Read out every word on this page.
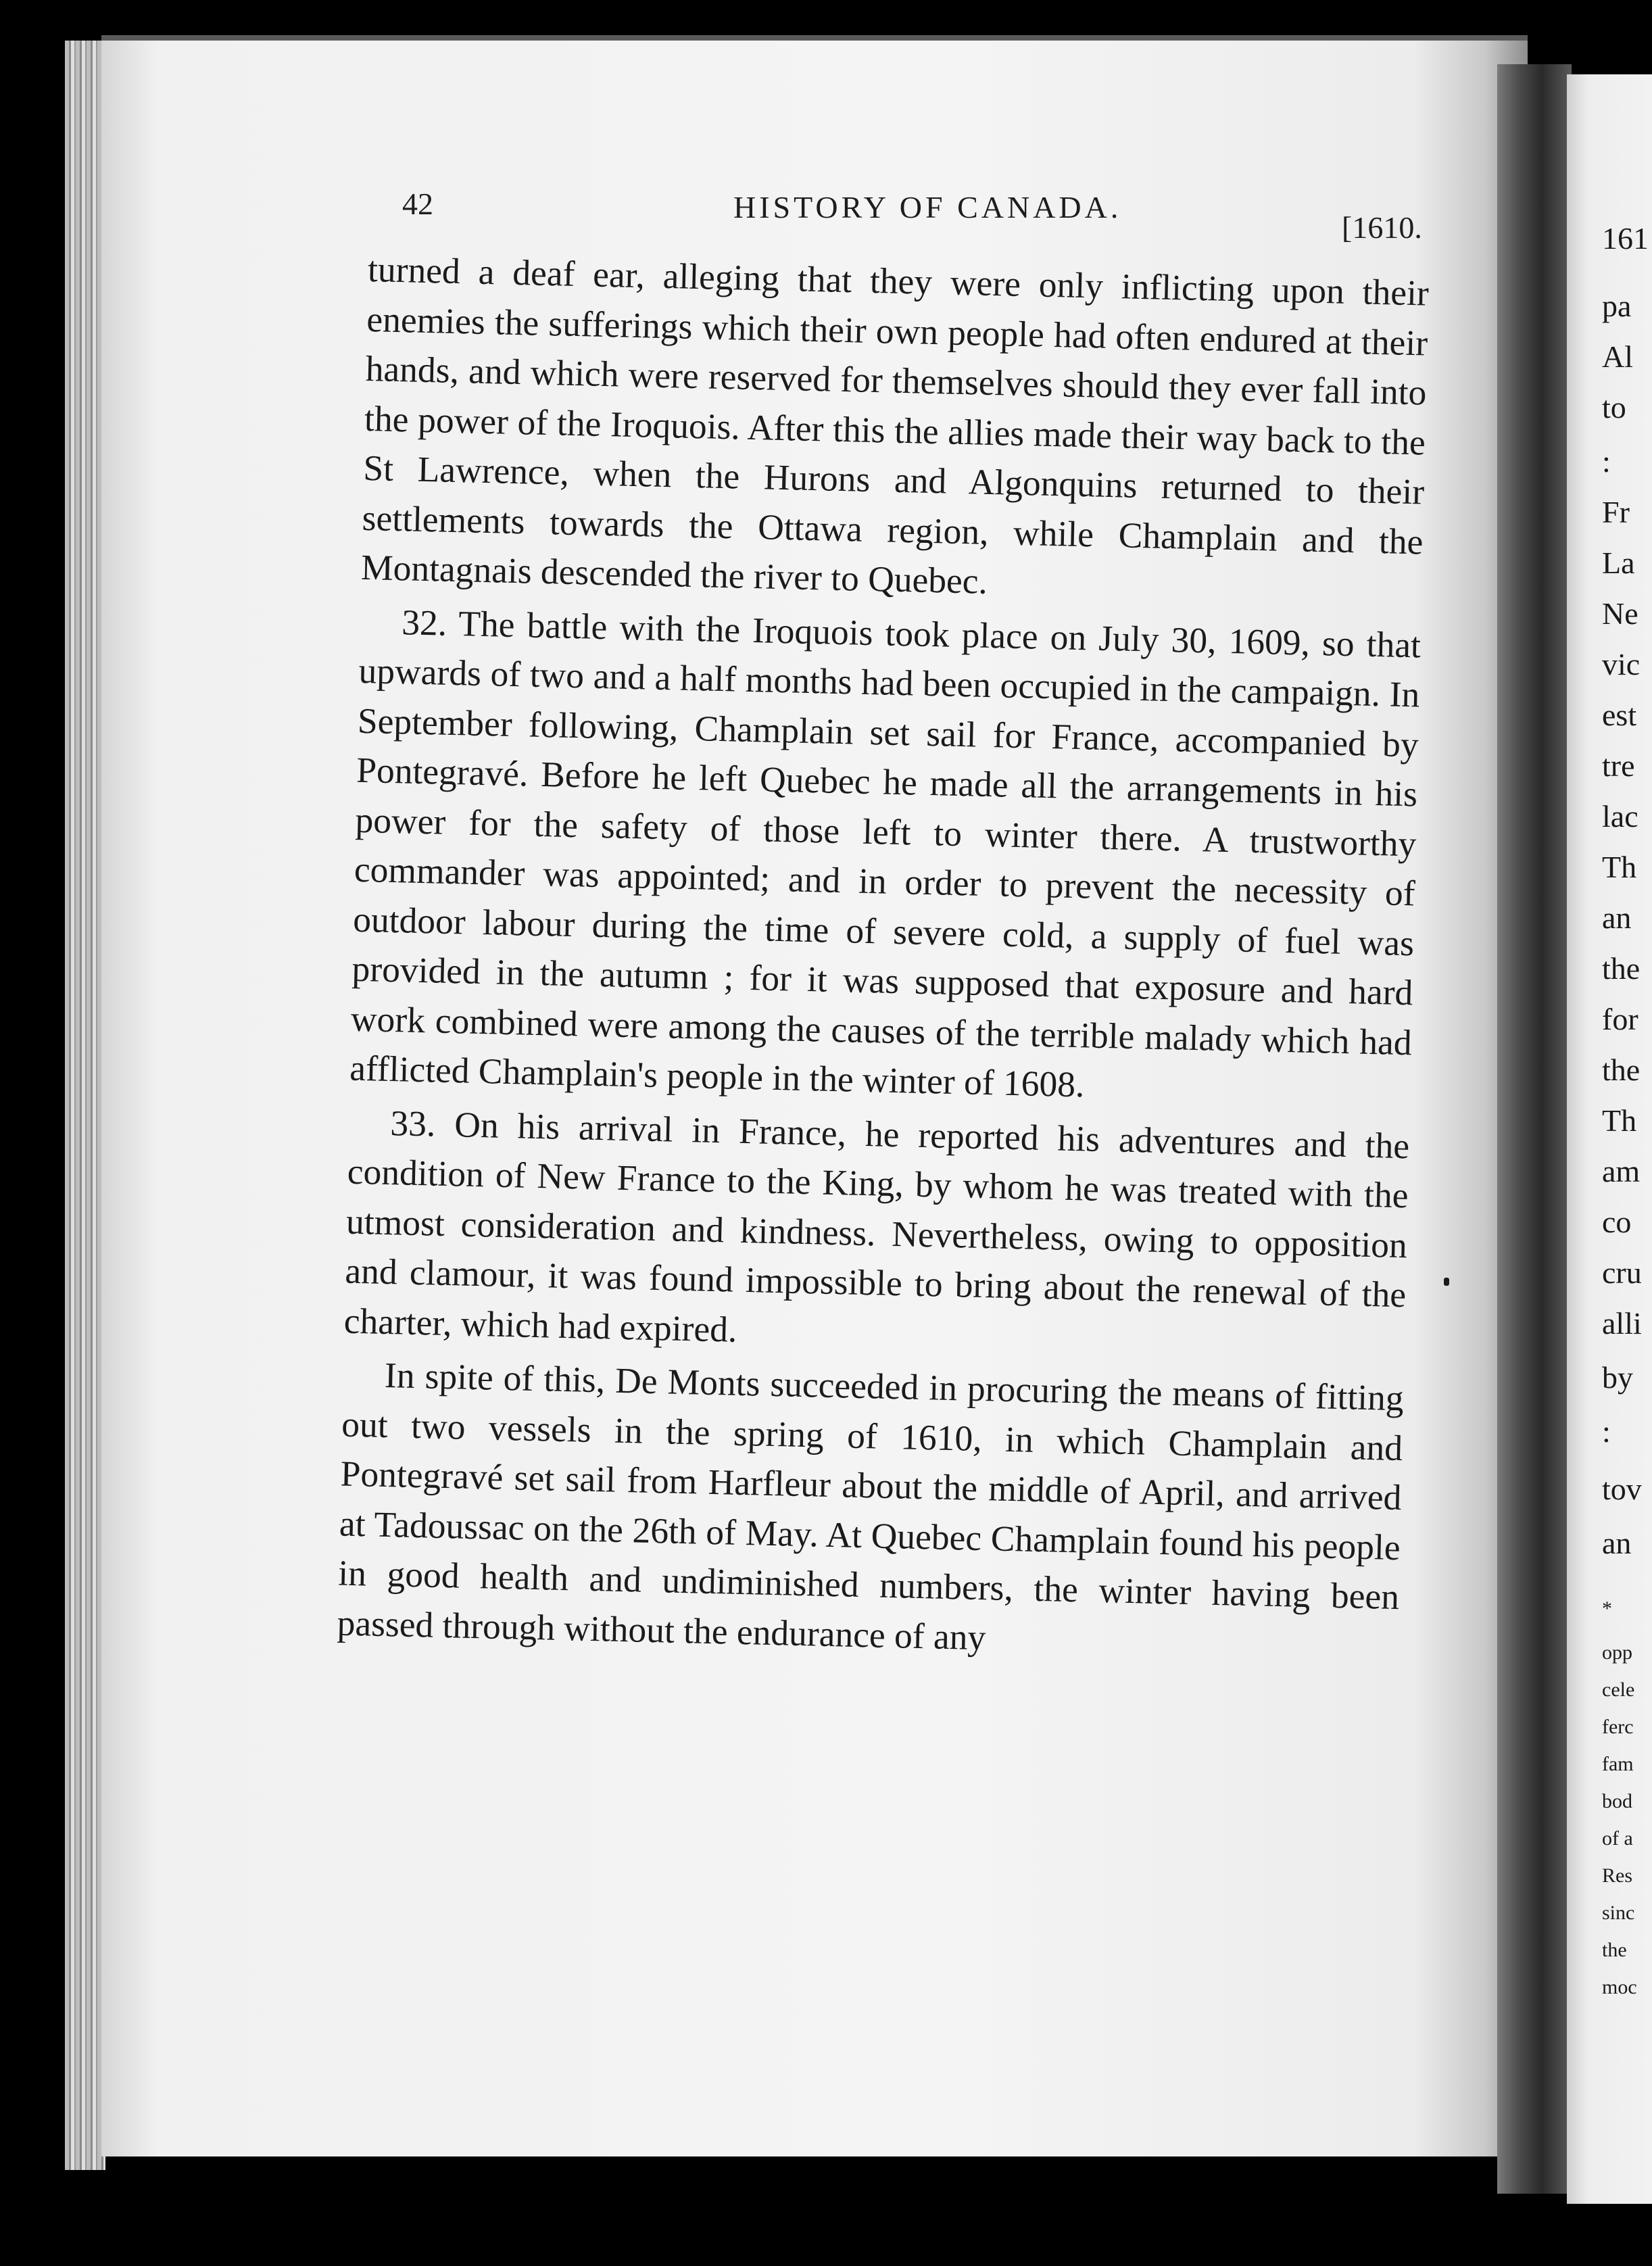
42	HISTORY OF CANADA.
[1610.

turned a deaf ear, alleging that they were only inflicting upon their enemies the sufferings which their own people had often endured at their hands, and which were reserved for themselves should they ever fall into the power of the Iroquois. After this the allies made their way back to the St Lawrence, when the Hurons and Algonquins returned to their settlements towards the Ottawa region, while Champlain and the Montagnais descended the river to Quebec.

32. The battle with the Iroquois took place on July 30, 1609, so that upwards of two and a half months had been occupied in the campaign. In September following, Champlain set sail for France, accompanied by Pontegravé. Before he left Quebec he made all the arrangements in his power for the safety of those left to winter there. A trustworthy commander was appointed; and in order to prevent the necessity of outdoor labour during the time of severe cold, a supply of fuel was provided in the autumn ; for it was supposed that exposure and hard work combined were among the causes of the terrible malady which had afflicted Champlain's people in the winter of 1608.

33. On his arrival in France, he reported his adventures and the condition of New France to the King, by whom he was treated with the utmost consideration and kindness. Nevertheless, owing to opposition and clamour, it was found impossible to bring about the renewal of the charter, which had expired.

In spite of this, De Monts succeeded in procuring the means of fitting out two vessels in the spring of 1610, in which Champlain and Pontegravé set sail from Harfleur about the middle of April, and arrived at Tadoussac on the 26th of May. At Quebec Champlain found his people in good health and undiminished numbers, the winter having been passed through without the endurance of any

161
pa
Al
to
:
Fr
La
Ne
vic
est
tre
lac
Th
an
the
for
the
Th
am
co
cru
alli
by
:
tov
an
*
opp
cele
ferc
fam
bod
of a
Res
sinc
the
moc
